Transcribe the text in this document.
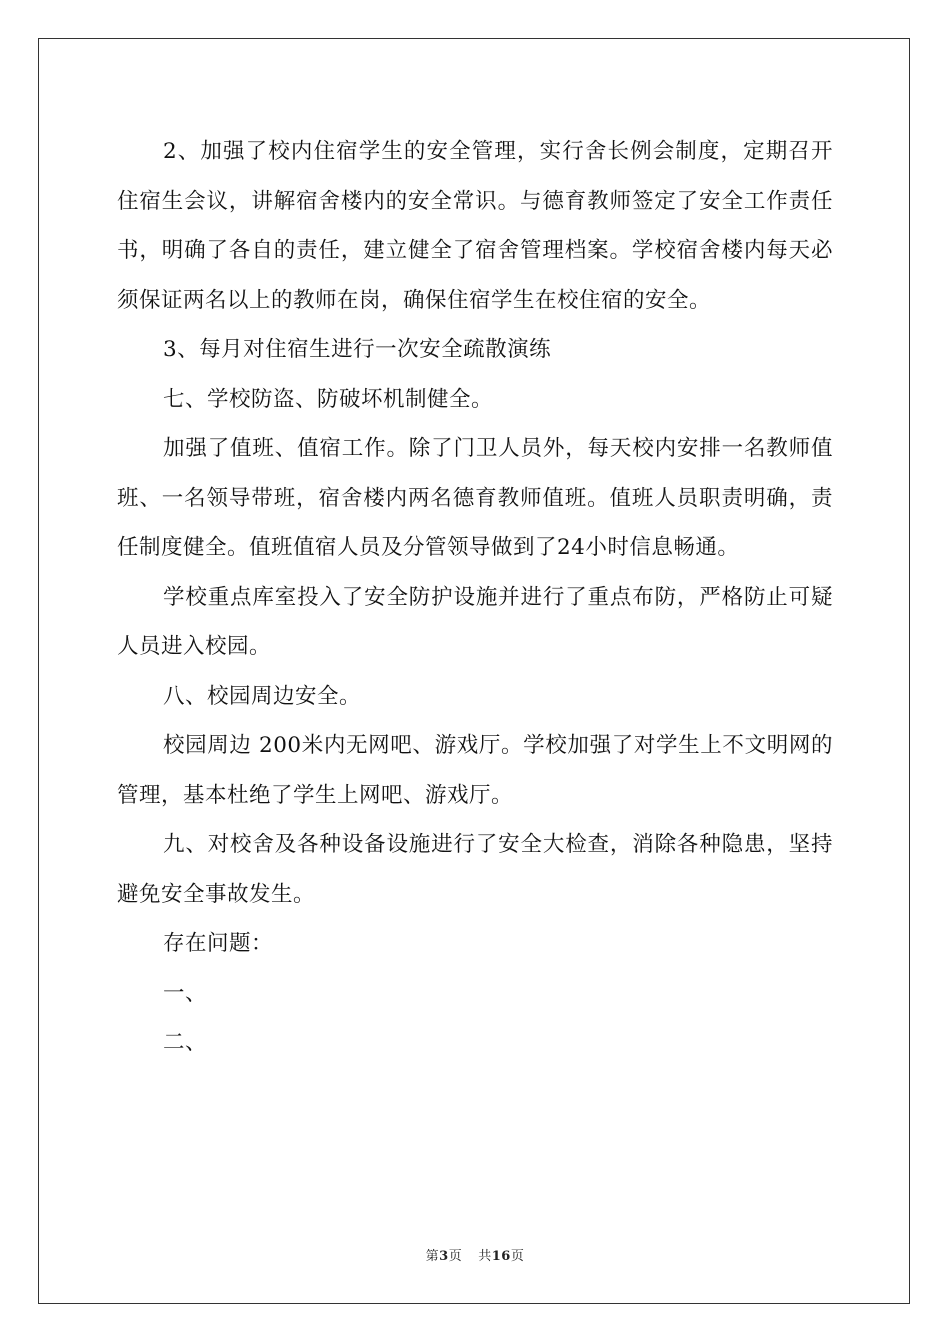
2、加强了校内住宿学生的安全管理，实行舍长例会制度，定期召开住宿生会议，讲解宿舍楼内的安全常识。与德育教师签定了安全工作责任书，明确了各自的责任，建立健全了宿舍管理档案。学校宿舍楼内每天必须保证两名以上的教师在岗，确保住宿学生在校住宿的安全。

3、每月对住宿生进行一次安全疏散演练

七、学校防盗、防破坏机制健全。

加强了值班、值宿工作。除了门卫人员外，每天校内安排一名教师值班、一名领导带班，宿舍楼内两名德育教师值班。值班人员职责明确，责任制度健全。值班值宿人员及分管领导做到了24小时信息畅通。

学校重点库室投入了安全防护设施并进行了重点布防，严格防止可疑人员进入校园。

八、校园周边安全。

校园周边 200米内无网吧、游戏厅。学校加强了对学生上不文明网的管理，基本杜绝了学生上网吧、游戏厅。

九、对校舍及各种设备设施进行了安全大检查，消除各种隐患，坚持避免安全事故发生。

存在问题：

一、

二、

第3页 共16页
